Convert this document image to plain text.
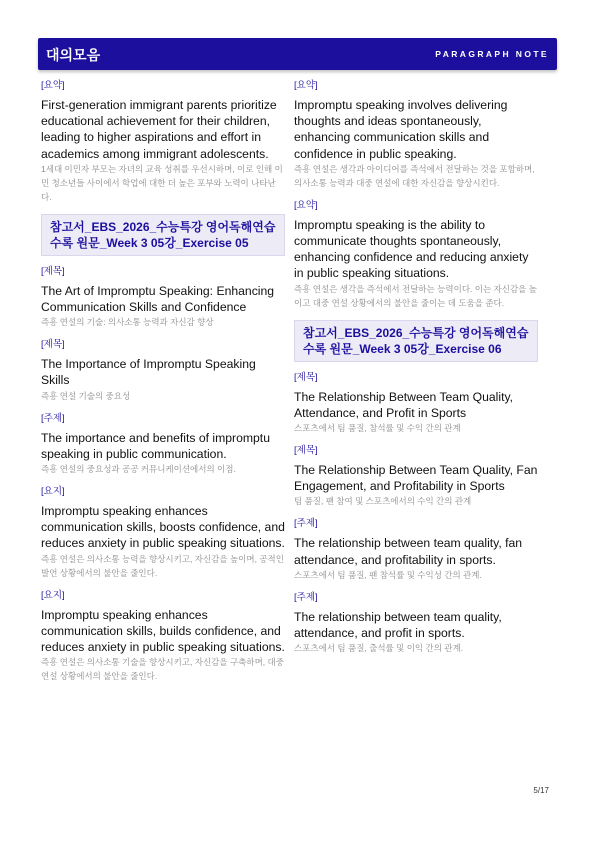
대의모음	PARAGRAPH NOTE
[요약]
First-generation immigrant parents prioritize educational achievement for their children, leading to higher aspirations and effort in academics among immigrant adolescents.
1세대 이민자 부모는 자녀의 교육 성취를 우선시하며, 이로 인해 이민 청소년들 사이에서 학업에 대한 더 높은 포부와 노력이 나타난다.
참고서_EBS_2026_수능특강 영어독해연습 수록 원문_Week 3 05강_Exercise 05
[제목]
The Art of Impromptu Speaking: Enhancing Communication Skills and Confidence
즉흥 연설의 기술: 의사소통 능력과 자신감 향상
[제목]
The Importance of Impromptu Speaking Skills
즉흥 연설 기술의 중요성
[주제]
The importance and benefits of impromptu speaking in public communication.
즉흥 연설의 중요성과 공공 커뮤니케이션에서의 이점.
[요지]
Impromptu speaking enhances communication skills, boosts confidence, and reduces anxiety in public speaking situations.
즉흥 연설은 의사소통 능력을 향상시키고, 자신감을 높이며, 공적인 발언 상황에서의 불안을 줄인다.
[요지]
Impromptu speaking enhances communication skills, builds confidence, and reduces anxiety in public speaking situations.
즉흥 연설은 의사소통 기술을 향상시키고, 자신감을 구축하며, 대중 연설 상황에서의 불안을 줄인다.
[요약]
Impromptu speaking involves delivering thoughts and ideas spontaneously, enhancing communication skills and confidence in public speaking.
즉흥 연설은 생각과 아이디어를 즉석에서 전달하는 것을 포함하며, 의사소통 능력과 대중 연설에 대한 자신감을 향상시킨다.
[요약]
Impromptu speaking is the ability to communicate thoughts spontaneously, enhancing confidence and reducing anxiety in public speaking situations.
즉흥 연설은 생각을 즉석에서 전달하는 능력이다. 이는 자신감을 높이고 대중 연설 상황에서의 불안을 줄이는 데 도움을 준다.
참고서_EBS_2026_수능특강 영어독해연습 수록 원문_Week 3 05강_Exercise 06
[제목]
The Relationship Between Team Quality, Attendance, and Profit in Sports
스포츠에서 팀 품질, 참석률 및 수익 간의 관계
[제목]
The Relationship Between Team Quality, Fan Engagement, and Profitability in Sports
팀 품질, 팬 참여 및 스포츠에서의 수익 간의 관계
[주제]
The relationship between team quality, fan attendance, and profitability in sports.
스포츠에서 팀 품질, 팬 참석률 및 수익성 간의 관계.
[주제]
The relationship between team quality, attendance, and profit in sports.
스포츠에서 팀 품질, 출석률 및 이익 간의 관계.
5/17
